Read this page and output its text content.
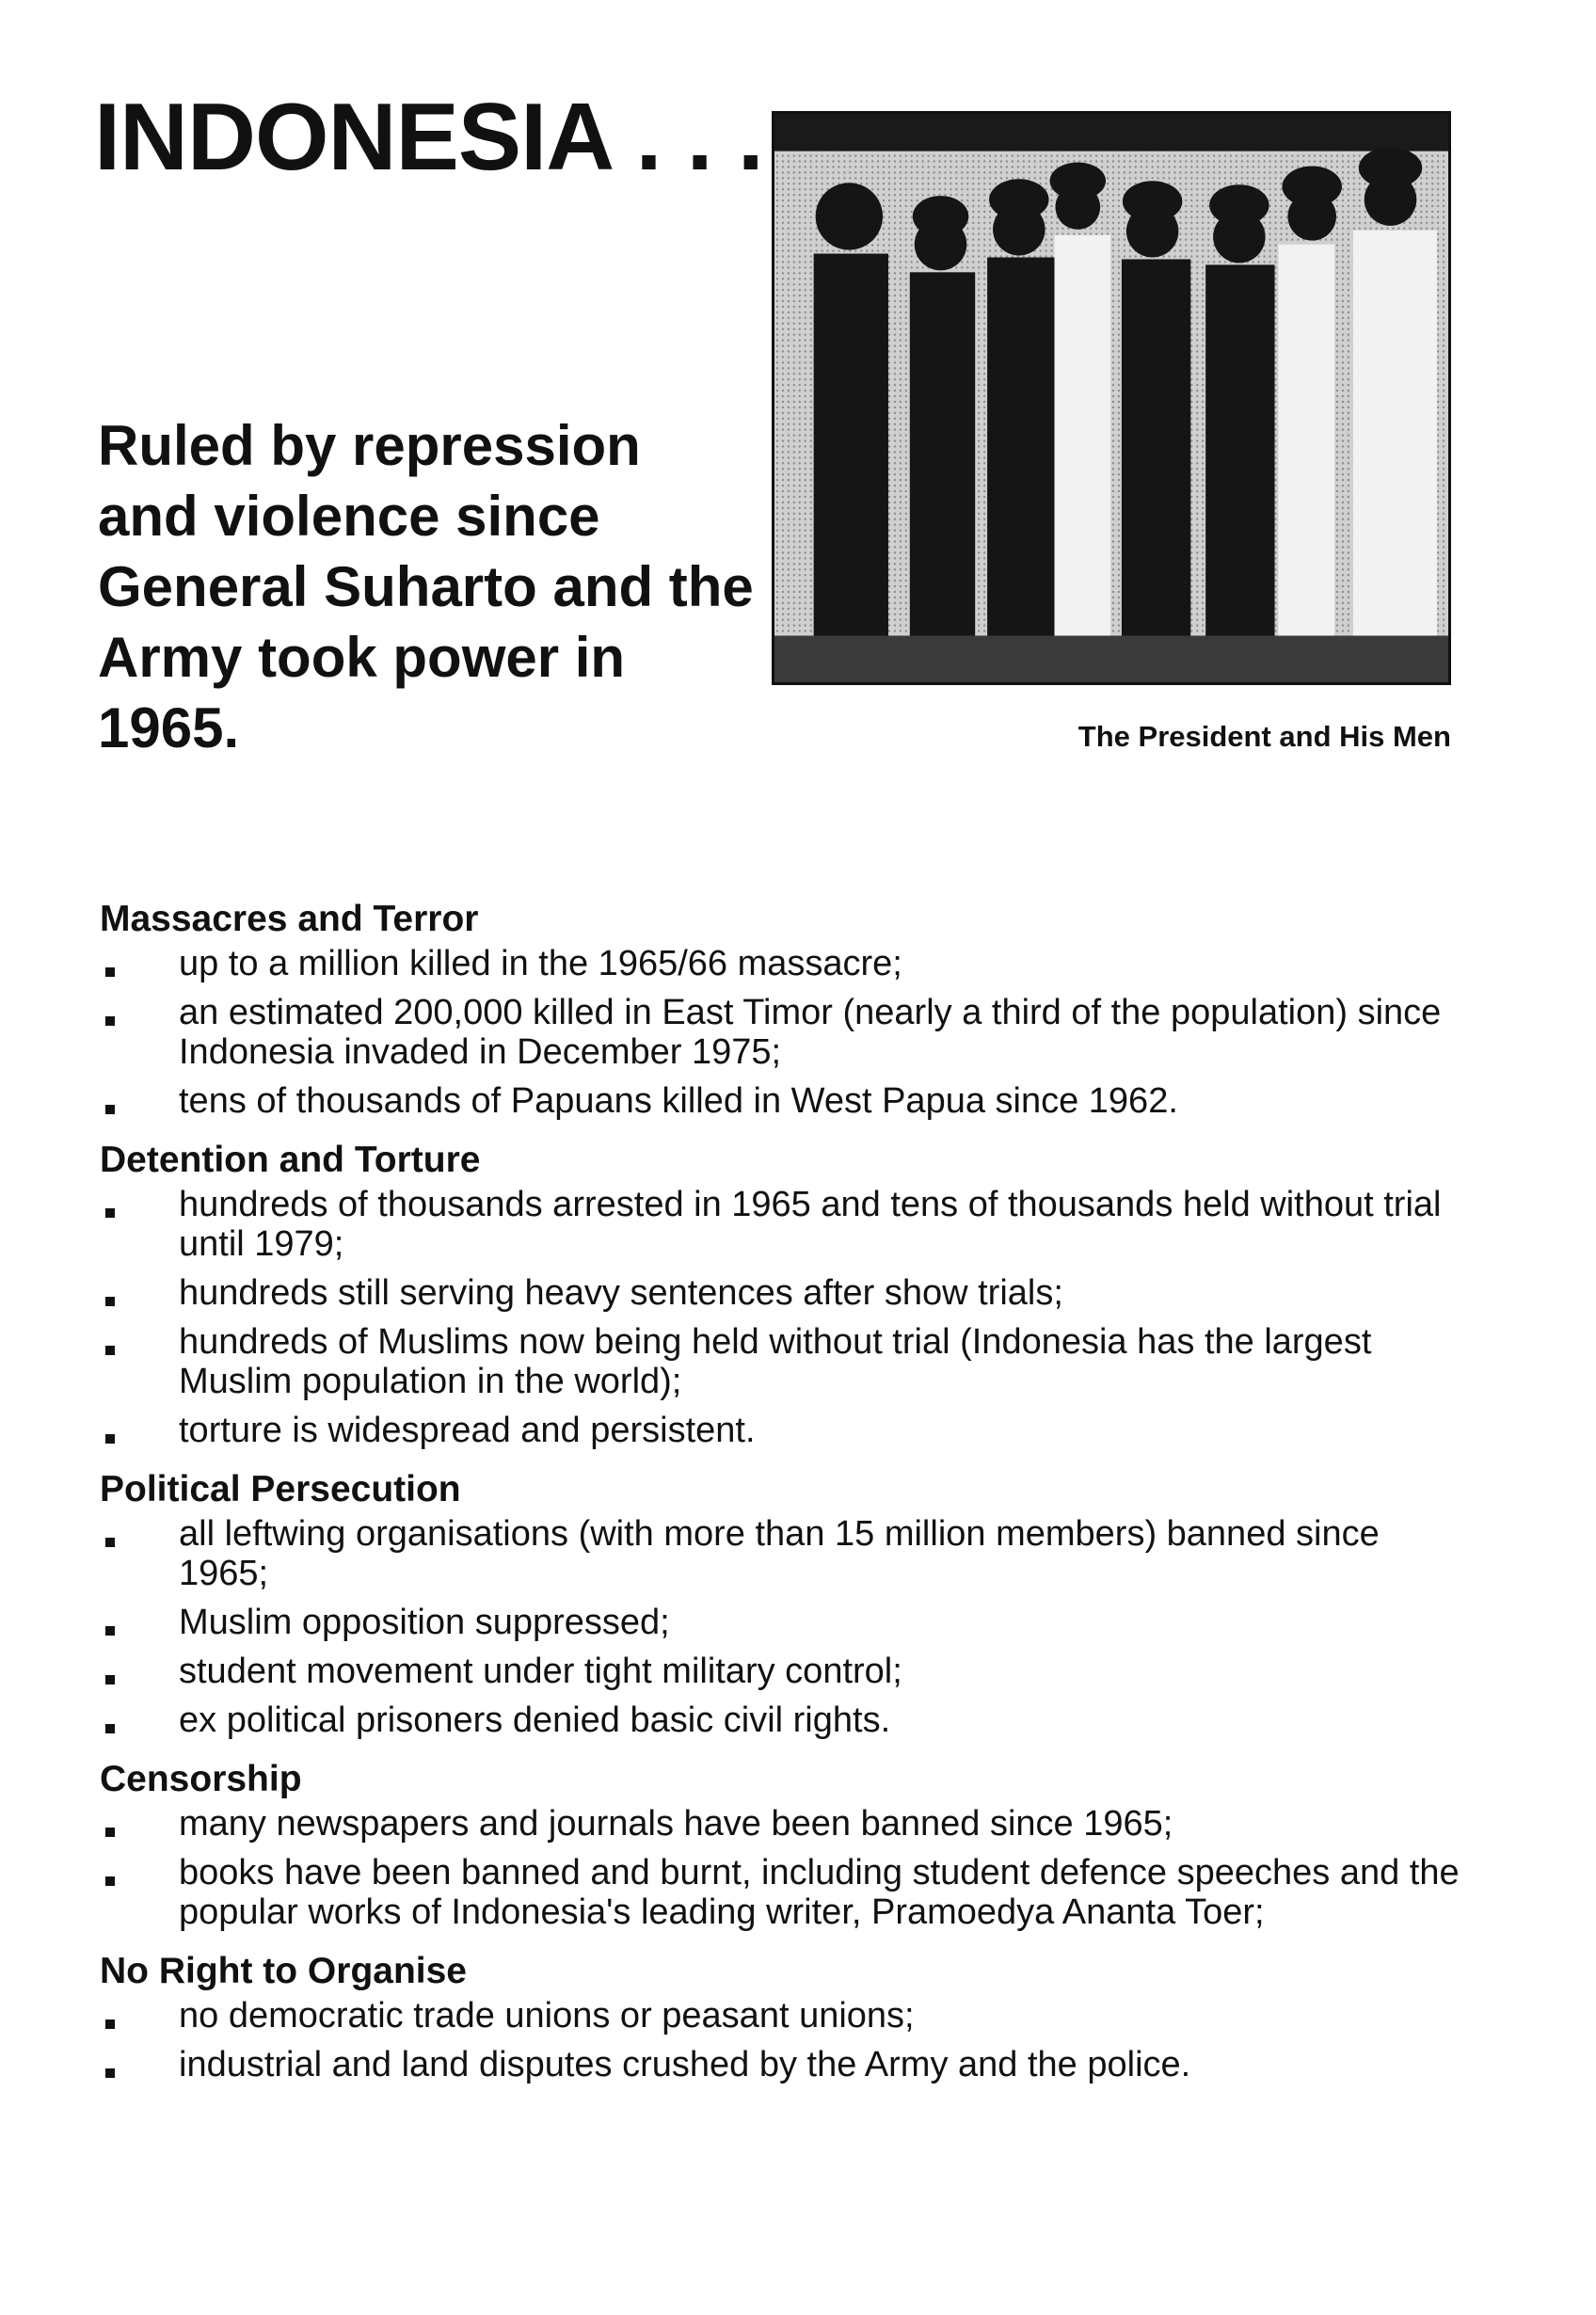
INDONESIA . . .
Ruled by repression and violence since General Suharto and the Army took power in 1965.	The President and His Men
Massacres and Terror
up to a million killed in the 1965/66 massacre;
an estimated 200,000 killed in East Timor (nearly a third of the population) since Indonesia invaded in December 1975;
tens of thousands of Papuans killed in West Papua since 1962.
Detention and Torture
hundreds of thousands arrested in 1965 and tens of thousands held without trial until 1979;
hundreds still serving heavy sentences after show trials;
hundreds of Muslims now being held without trial (Indonesia has the largest Muslim population in the world);
torture is widespread and persistent.
Political Persecution
all leftwing organisations (with more than 15 million members) banned since 1965;
Muslim opposition suppressed;
student movement under tight military control;
ex political prisoners denied basic civil rights.
Censorship
many newspapers and journals have been banned since 1965;
books have been banned and burnt, including student defence speeches and the popular works of Indonesia's leading writer, Pramoedya Ananta Toer;
No Right to Organise
no democratic trade unions or peasant unions;
industrial and land disputes crushed by the Army and the police.
